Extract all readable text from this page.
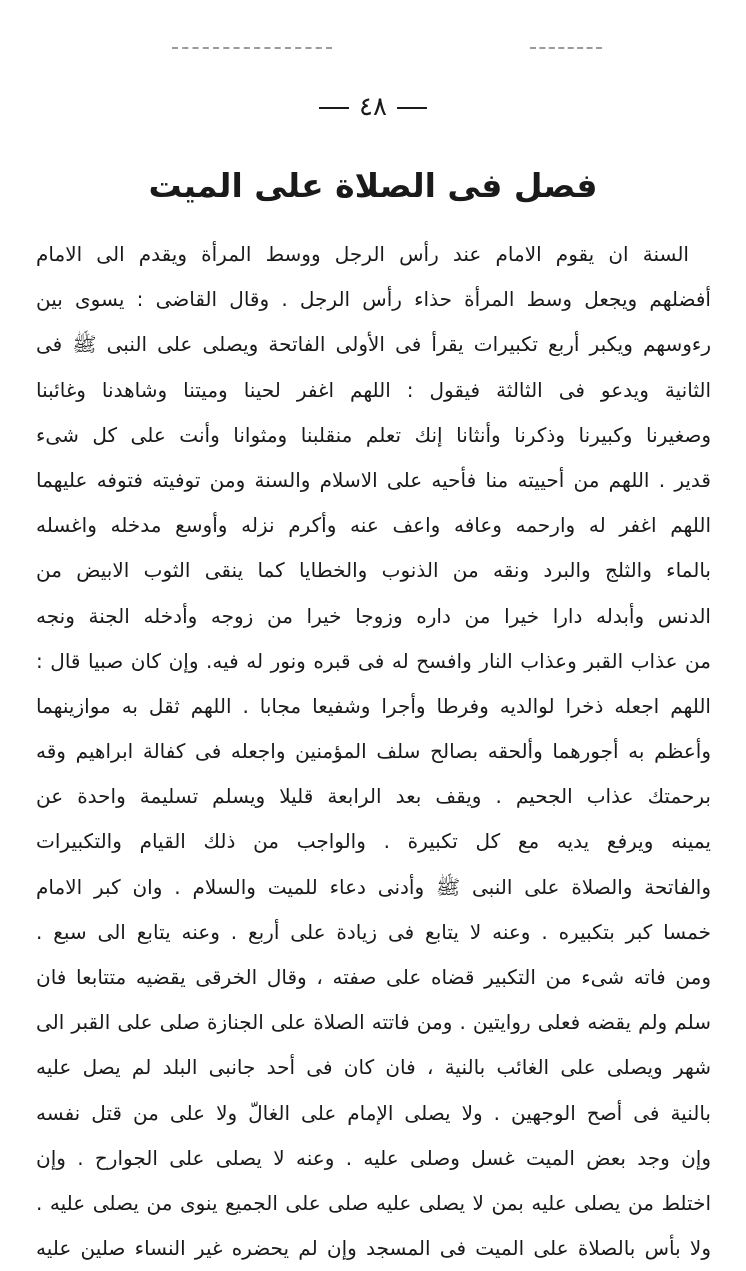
٤٨
فصل فى الصلاة على الميت
السنة ان يقوم الامام عند رأس الرجل ووسط المرأة ويقدم الى الامام
أفضلهم ويجعل وسط المرأة حذاء رأس الرجل . وقال القاضى : يسوى بين
رءوسهم ويكبر أربع تكبيرات يقرأ فى الأولى الفاتحة ويصلى على النبى ﷺ فى
الثانية ويدعو فى الثالثة فيقول : اللهم اغفر لحينا وميتنا وشاهدنا وغائبنا
وصغيرنا وكبيرنا وذكرنا وأنثانا إنك تعلم منقلبنا ومثوانا وأنت على كل شىء
قدير . اللهم من أحييته منا فأحيه على الاسلام والسنة ومن توفيته فتوفه عليهما
اللهم اغفر له وارحمه وعافه واعف عنه وأكرم نزله وأوسع مدخله واغسله
بالماء والثلج والبرد ونقه من الذنوب والخطايا كما ينقى الثوب الابيض من
الدنس وأبدله دارا خيرا من داره وزوجا خيرا من زوجه وأدخله الجنة ونجه
من عذاب القبر وعذاب النار وافسح له فى قبره ونور له فيه. وإن كان صبيا قال :
اللهم اجعله ذخرا لوالديه وفرطا وأجرا وشفيعا مجابا . اللهم ثقل به موازينهما
وأعظم به أجورهما وألحقه بصالح سلف المؤمنين واجعله فى كفالة ابراهيم وقه
برحمتك عذاب الجحيم . ويقف بعد الرابعة قليلا ويسلم تسليمة واحدة عن
يمينه ويرفع يديه مع كل تكبيرة . والواجب من ذلك القيام والتكبيرات
والفاتحة والصلاة على النبى ﷺ وأدنى دعاء للميت والسلام . وان كبر الامام
خمسا كبر بتكبيره . وعنه لا يتابع فى زيادة على أربع . وعنه يتابع الى سبع .
ومن فاته شىء من التكبير قضاه على صفته ، وقال الخرقى يقضيه متتابعا فان
سلم ولم يقضه فعلى روايتين . ومن فاتته الصلاة على الجنازة صلى على القبر الى
شهر ويصلى على الغائب بالنية ، فان كان فى أحد جانبى البلد لم يصل عليه
بالنية فى أصح الوجهين . ولا يصلى الإمام على الغالّ ولا على من قتل نفسه
وإن وجد بعض الميت غسل وصلى عليه . وعنه لا يصلى على الجوارح . وإن
اختلط من يصلى عليه بمن لا يصلى عليه صلى على الجميع ينوى من يصلى عليه .
ولا بأس بالصلاة على الميت فى المسجد وإن لم يحضره غير النساء صلين عليه
